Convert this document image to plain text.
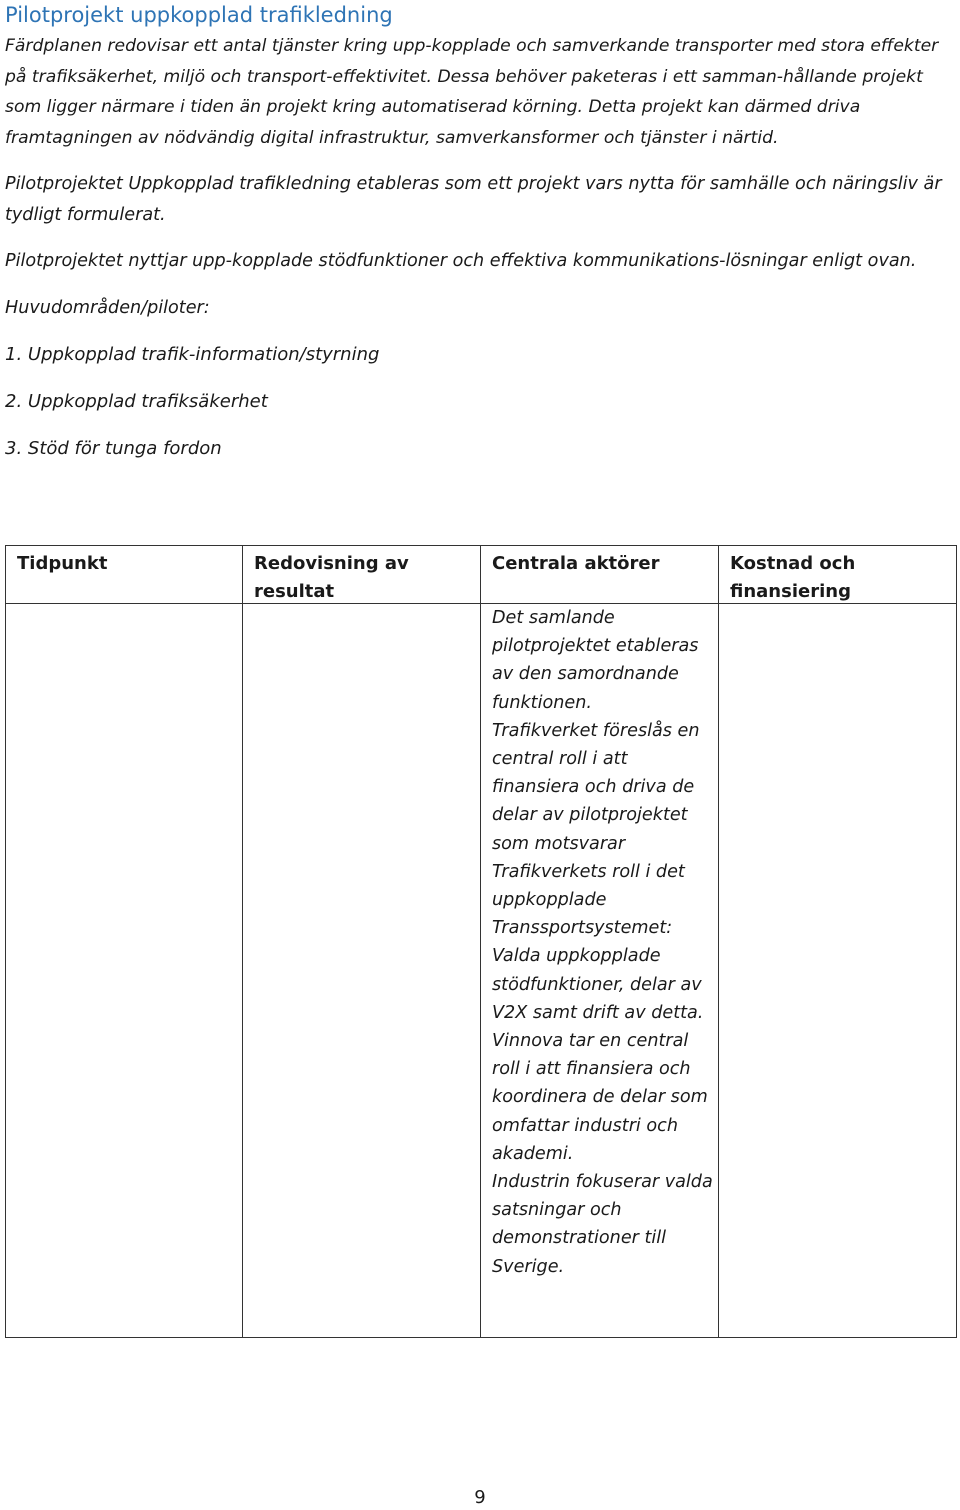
Pilotprojekt uppkopplad trafikledning

Färdplanen redovisar ett antal tjänster kring upp-kopplade och samverkande transporter med stora effekter på trafiksäkerhet, miljö och transport-effektivitet. Dessa behöver paketeras i ett samman-hållande projekt som ligger närmare i tiden än projekt kring automatiserad körning. Detta projekt kan därmed driva framtagningen av nödvändig digital infrastruktur, samverkansformer och tjänster i närtid.

Pilotprojektet Uppkopplad trafikledning etableras som ett projekt vars nytta för samhälle och näringsliv är tydligt formulerat.

Pilotprojektet nyttjar upp-kopplade stödfunktioner och effektiva kommunikations-lösningar enligt ovan.

Huvudområden/piloter:

1. Uppkopplad trafik-information/styrning

2. Uppkopplad trafiksäkerhet

3. Stöd för tunga fordon

Tidpunkt	Redovisning av resultat
Centrala aktörer	Kostnad och finansiering
Det samlande pilotprojektet etableras av den samordnande funktionen.
Trafikverket föreslås en central roll i att finansiera och driva de delar av pilotprojektet som motsvarar Trafikverkets roll i det uppkopplade Transsportsystemet: Valda uppkopplade stödfunktioner, delar av V2X samt drift av detta.
Vinnova tar en central roll i att finansiera och koordinera de delar som omfattar industri och akademi.
Industrin fokuserar valda satsningar och demonstrationer till Sverige.
9
